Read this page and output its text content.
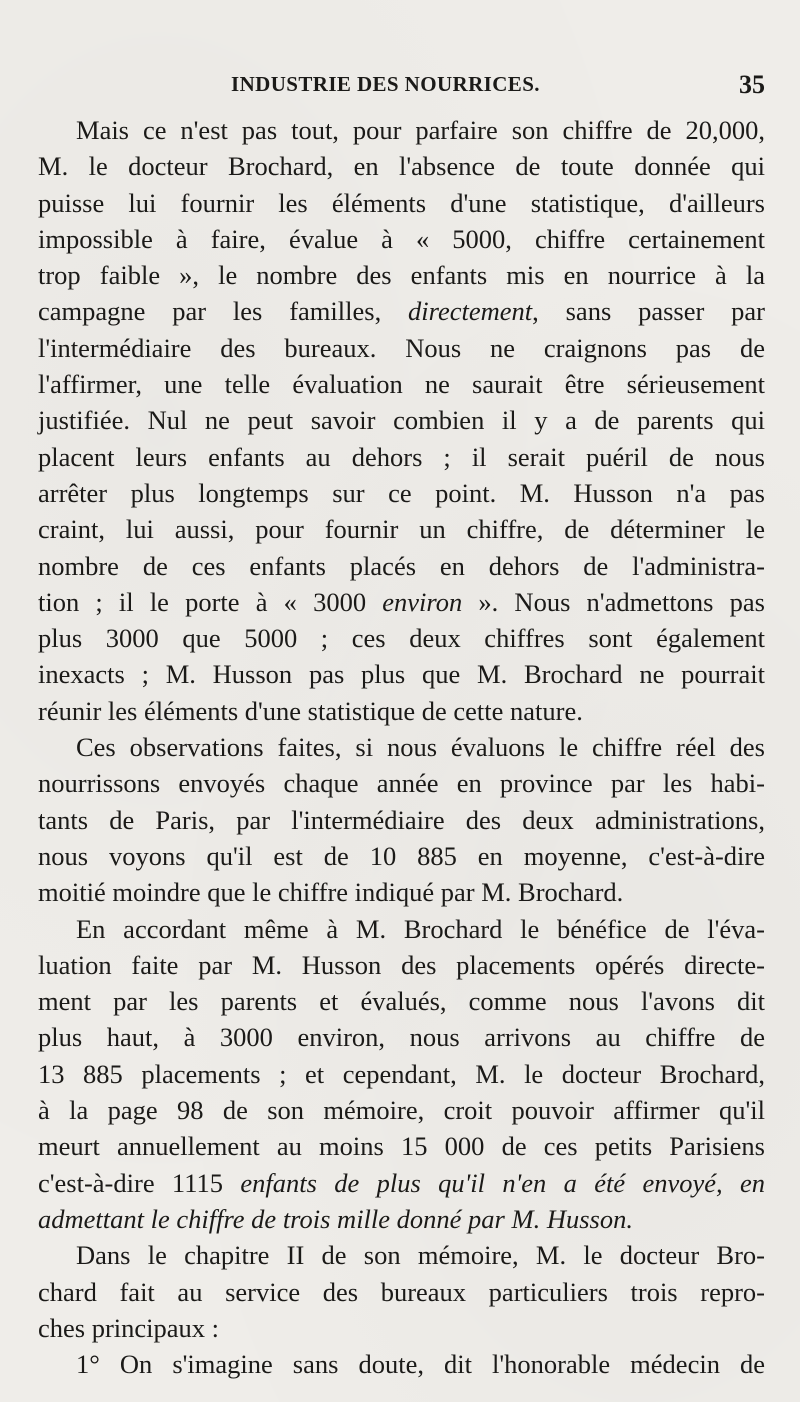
INDUSTRIE DES NOURRICES.	35
Mais ce n'est pas tout, pour parfaire son chiffre de 20,000,
M. le docteur Brochard, en l'absence de toute donnée qui
puisse lui fournir les éléments d'une statistique, d'ailleurs
impossible à faire, évalue à « 5000, chiffre certainement
trop faible », le nombre des enfants mis en nourrice à la
campagne par les familles, directement, sans passer par
l'intermédiaire des bureaux. Nous ne craignons pas de
l'affirmer, une telle évaluation ne saurait être sérieusement
justifiée. Nul ne peut savoir combien il y a de parents qui
placent leurs enfants au dehors ; il serait puéril de nous
arrêter plus longtemps sur ce point. M. Husson n'a pas
craint, lui aussi, pour fournir un chiffre, de déterminer le
nombre de ces enfants placés en dehors de l'administra-
tion ; il le porte à « 3000 environ ». Nous n'admettons pas
plus 3000 que 5000 ; ces deux chiffres sont également
inexacts ; M. Husson pas plus que M. Brochard ne pourrait
réunir les éléments d'une statistique de cette nature.
Ces observations faites, si nous évaluons le chiffre réel des
nourrissons envoyés chaque année en province par les habi-
tants de Paris, par l'intermédiaire des deux administrations,
nous voyons qu'il est de 10 885 en moyenne, c'est-à-dire
moitié moindre que le chiffre indiqué par M. Brochard.
En accordant même à M. Brochard le bénéfice de l'éva-
luation faite par M. Husson des placements opérés directe-
ment par les parents et évalués, comme nous l'avons dit
plus haut, à 3000 environ, nous arrivons au chiffre de
13 885 placements ; et cependant, M. le docteur Brochard,
à la page 98 de son mémoire, croit pouvoir affirmer qu'il
meurt annuellement au moins 15 000 de ces petits Parisiens
c'est-à-dire 1115 enfants de plus qu'il n'en a été envoyé, en
admettant le chiffre de trois mille donné par M. Husson.
Dans le chapitre II de son mémoire, M. le docteur Bro-
chard fait au service des bureaux particuliers trois repro-
ches principaux :
1° On s'imagine sans doute, dit l'honorable médecin de
